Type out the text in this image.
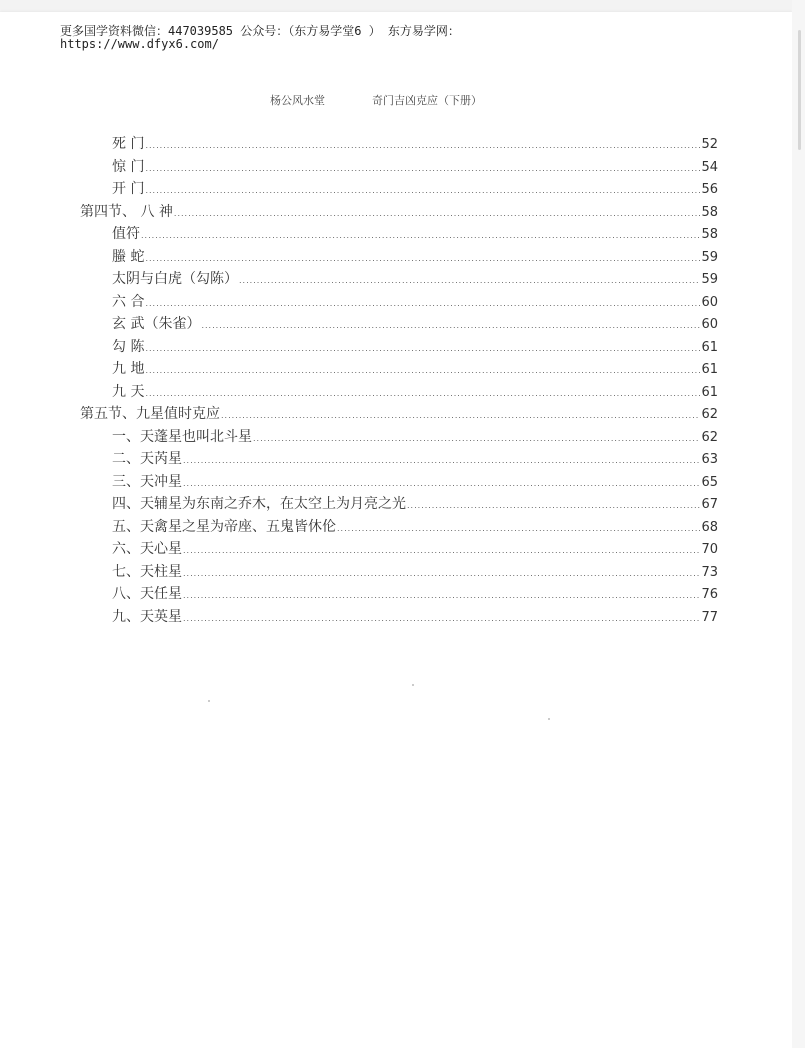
更多国学资料微信：447039585 公众号：（东方易学堂6 ） 东方易学网：
https://www.dfyx6.com/
杨公风水堂	奇门吉凶克应（下册）
死 门 .....	52
惊 门 .....	54
开 门 .....	56
第四节、 八 神 .....	58
值符 .....	58
螣 蛇 .....	59
太阴与白虎（勾陈） .....	59
六 合 .....	60
玄 武（朱雀） .....	60
勾 陈 .....	61
九 地 .....	61
九 天 .....	61
第五节、九星值时克应 .....	62
一、天蓬星也叫北斗星 .....	62
二、天芮星 .....	63
三、天冲星 .....	65
四、天辅星为东南之乔木，在太空上为月亮之光 .....	67
五、天禽星之星为帝座、五鬼皆休伦 .....	68
六、天心星 .....	70
七、天柱星 .....	73
八、天任星 .....	76
九、天英星 .....	77
